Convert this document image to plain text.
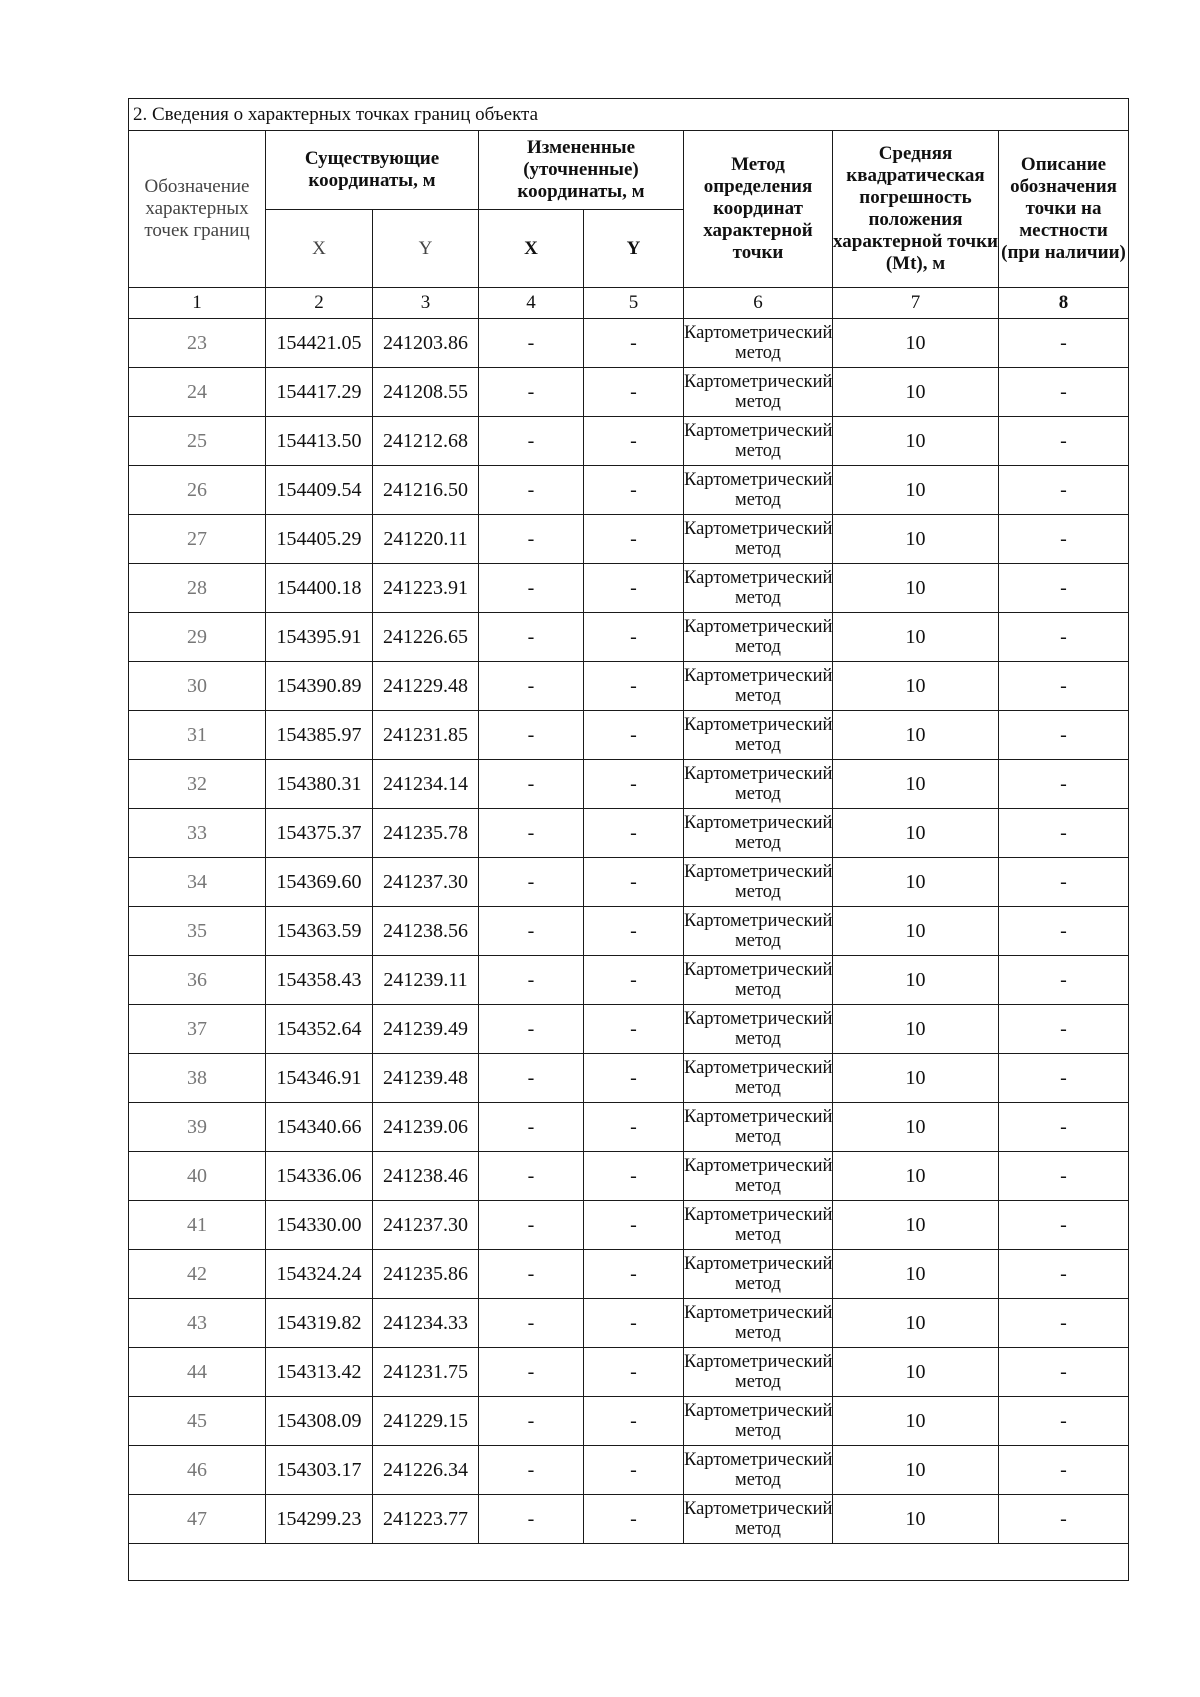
2. Сведения о характерных точках границ объекта							
Обозначение характерных точек границ	Существующие координаты, м		Измененные (уточненные) координаты, м		Метод определения координат характерной точки	Средняя квадратическая погрешность положения характерной точки (Mt), м	Описание обозначения точки на местности (при наличии)
	X	Y	X	Y			
1	2	3	4	5	6	7	8
23	154421.05	241203.86	-	-	Картометрический метод	10	-
24	154417.29	241208.55	-	-	Картометрический метод	10	-
25	154413.50	241212.68	-	-	Картометрический метод	10	-
26	154409.54	241216.50	-	-	Картометрический метод	10	-
27	154405.29	241220.11	-	-	Картометрический метод	10	-
28	154400.18	241223.91	-	-	Картометрический метод	10	-
29	154395.91	241226.65	-	-	Картометрический метод	10	-
30	154390.89	241229.48	-	-	Картометрический метод	10	-
31	154385.97	241231.85	-	-	Картометрический метод	10	-
32	154380.31	241234.14	-	-	Картометрический метод	10	-
33	154375.37	241235.78	-	-	Картометрический метод	10	-
34	154369.60	241237.30	-	-	Картометрический метод	10	-
35	154363.59	241238.56	-	-	Картометрический метод	10	-
36	154358.43	241239.11	-	-	Картометрический метод	10	-
37	154352.64	241239.49	-	-	Картометрический метод	10	-
38	154346.91	241239.48	-	-	Картометрический метод	10	-
39	154340.66	241239.06	-	-	Картометрический метод	10	-
40	154336.06	241238.46	-	-	Картометрический метод	10	-
41	154330.00	241237.30	-	-	Картометрический метод	10	-
42	154324.24	241235.86	-	-	Картометрический метод	10	-
43	154319.82	241234.33	-	-	Картометрический метод	10	-
44	154313.42	241231.75	-	-	Картометрический метод	10	-
45	154308.09	241229.15	-	-	Картометрический метод	10	-
46	154303.17	241226.34	-	-	Картометрический метод	10	-
47	154299.23	241223.77	-	-	Картометрический метод	10	-
